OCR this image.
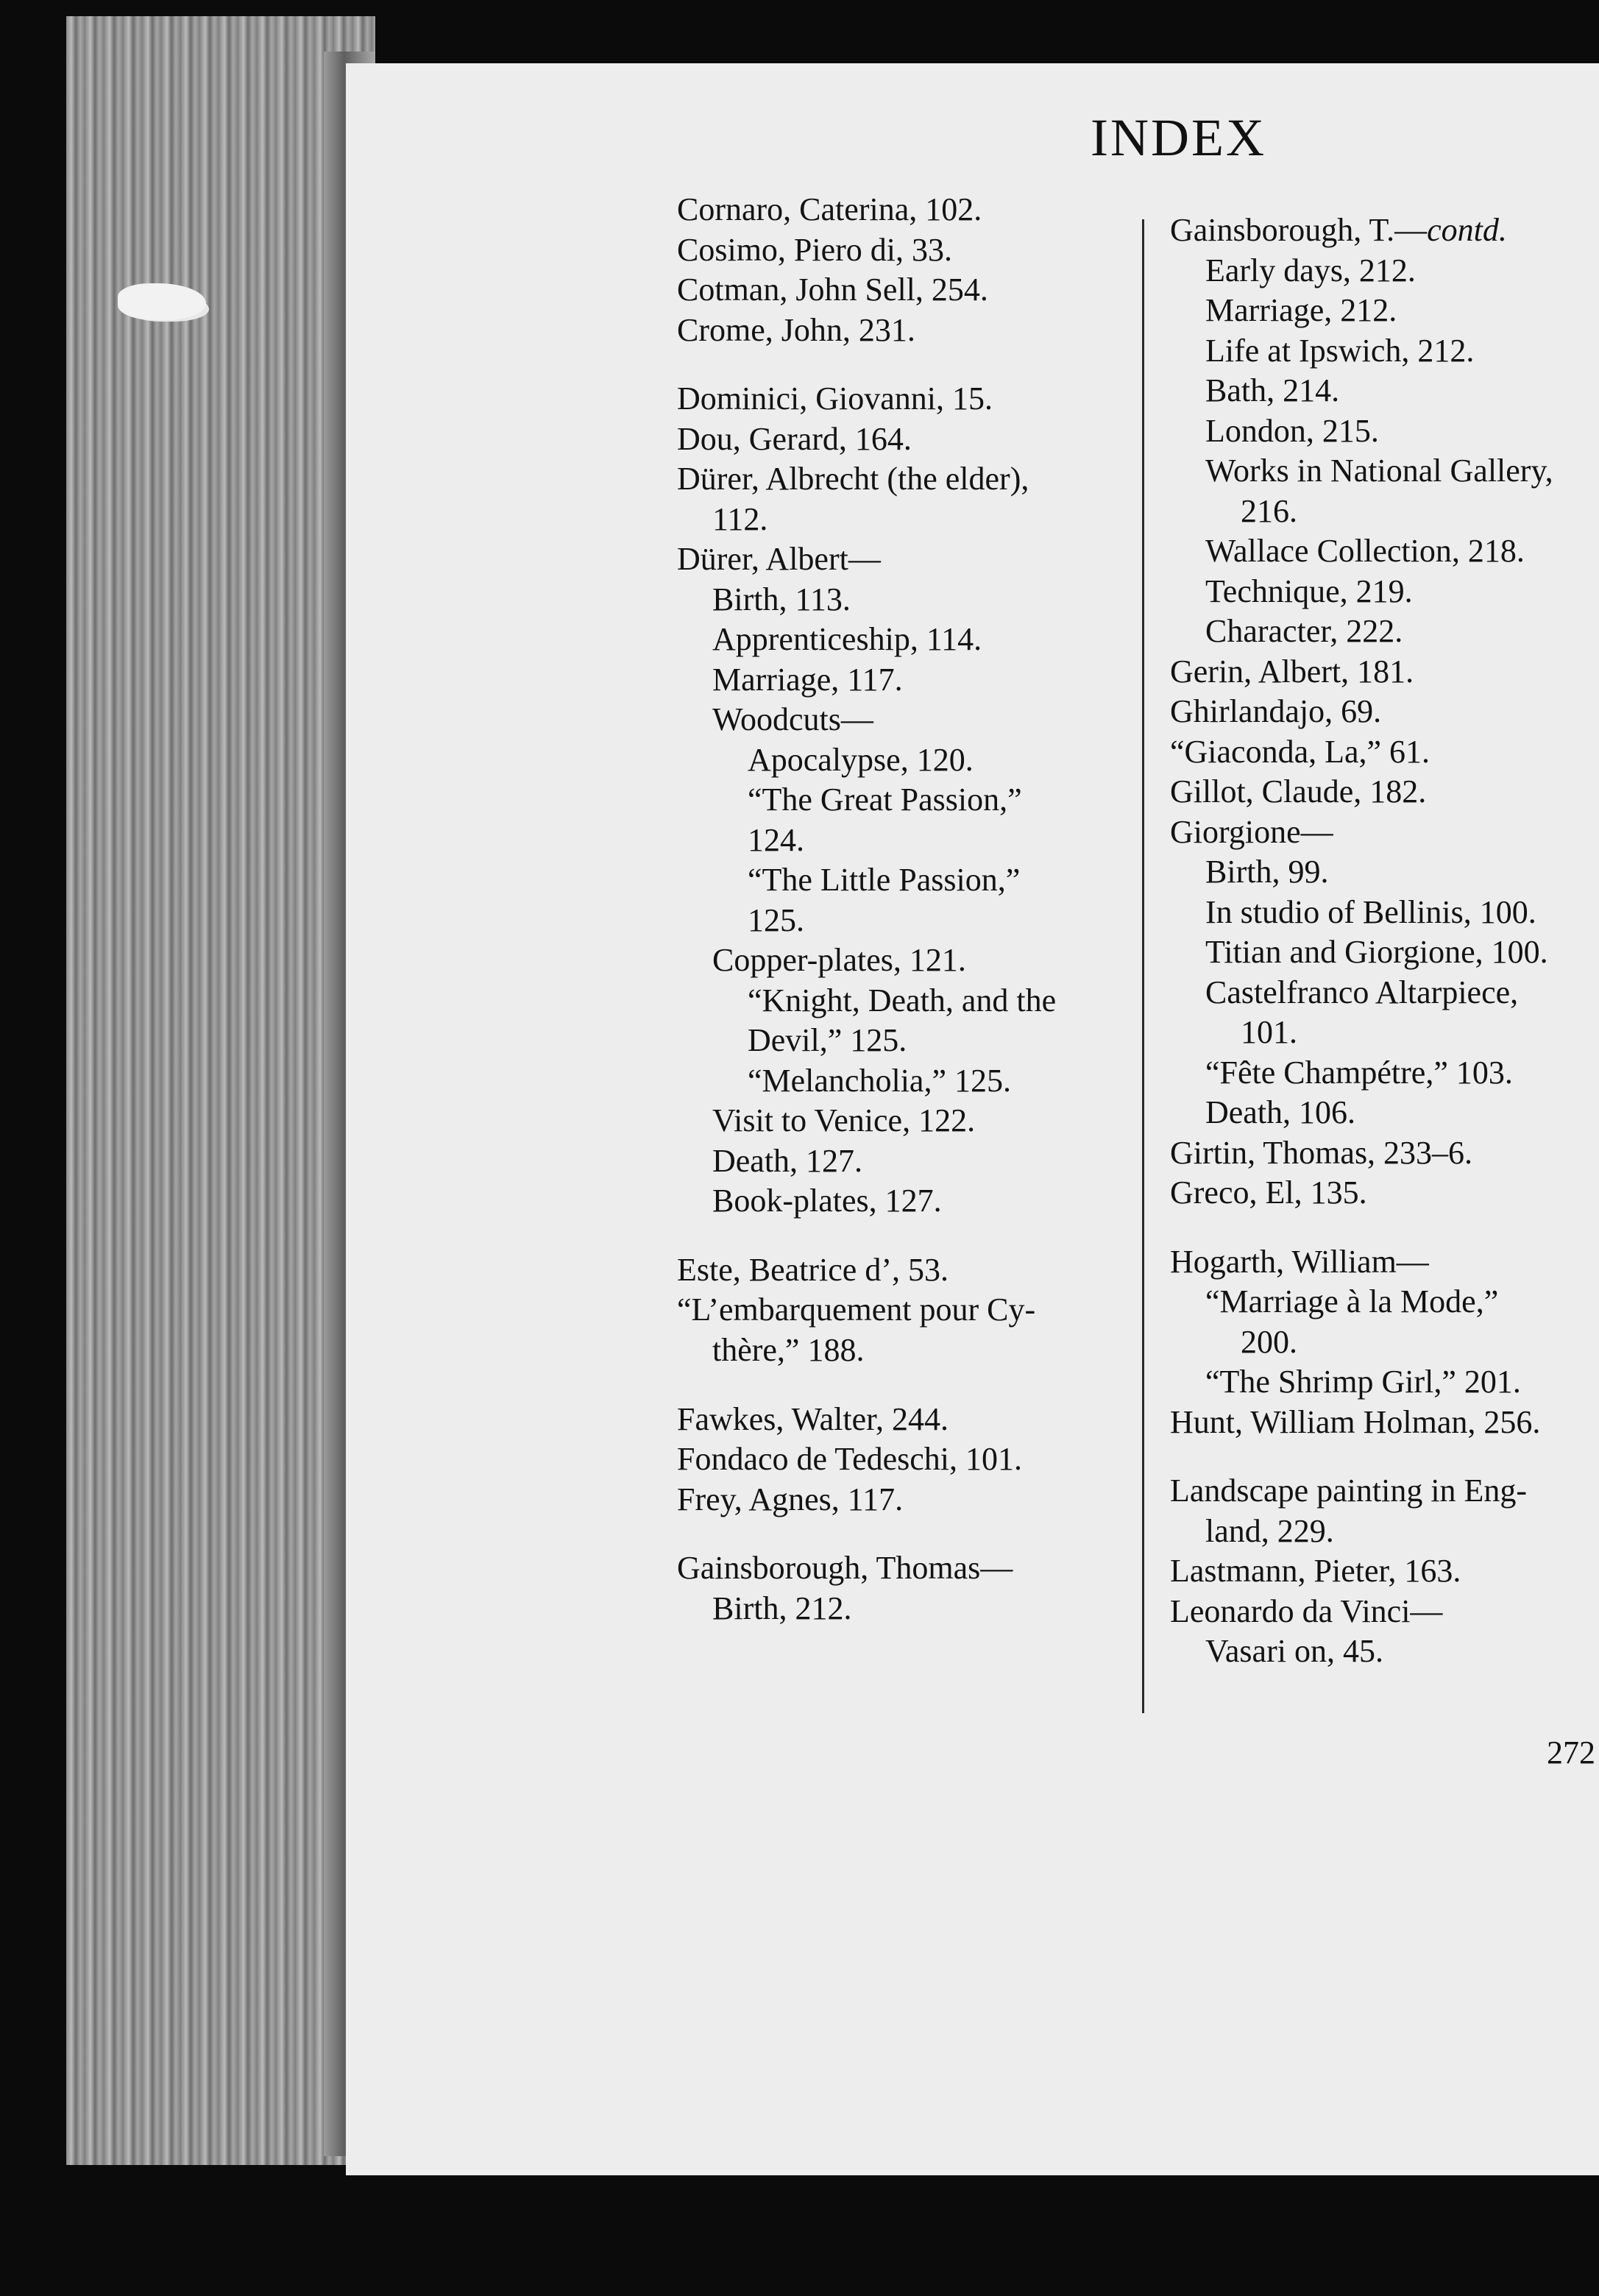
INDEX
Cornaro, Caterina, 102.
Cosimo, Piero di, 33.
Cotman, John Sell, 254.
Crome, John, 231.
Dominici, Giovanni, 15.
Dou, Gerard, 164.
Dürer, Albrecht (the elder),
112.
Dürer, Albert—
Birth, 113.
Apprenticeship, 114.
Marriage, 117.
Woodcuts—
Apocalypse, 120.
“The Great Passion,”
124.
“The Little Passion,”
125.
Copper-plates, 121.
“Knight, Death, and the
Devil,” 125.
“Melancholia,” 125.
Visit to Venice, 122.
Death, 127.
Book-plates, 127.
Este, Beatrice d’, 53.
“L’embarquement pour Cy-
thère,” 188.
Fawkes, Walter, 244.
Fondaco de Tedeschi, 101.
Frey, Agnes, 117.
Gainsborough, Thomas—
Birth, 212.
Gainsborough, T.—contd.
Early days, 212.
Marriage, 212.
Life at Ipswich, 212.
Bath, 214.
London, 215.
Works in National Gallery,
216.
Wallace Collection, 218.
Technique, 219.
Character, 222.
Gerin, Albert, 181.
Ghirlandajo, 69.
“Giaconda, La,” 61.
Gillot, Claude, 182.
Giorgione—
Birth, 99.
In studio of Bellinis, 100.
Titian and Giorgione, 100.
Castelfranco Altarpiece,
101.
“Fête Champétre,” 103.
Death, 106.
Girtin, Thomas, 233–6.
Greco, El, 135.
Hogarth, William—
“Marriage à la Mode,”
200.
“The Shrimp Girl,” 201.
Hunt, William Holman, 256.
Landscape painting in Eng-
land, 229.
Lastmann, Pieter, 163.
Leonardo da Vinci—
Vasari on, 45.
272
